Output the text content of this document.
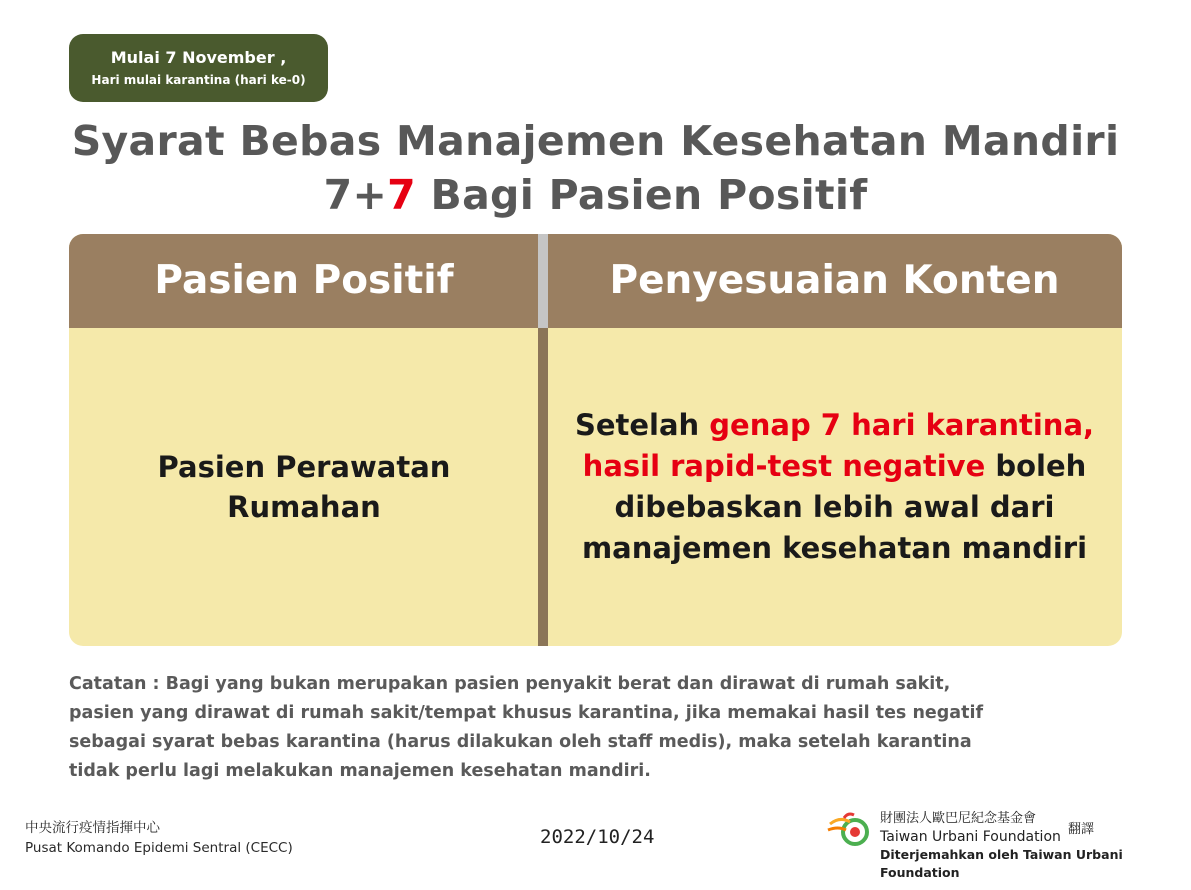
Mulai 7 November ,
Hari mulai karantina (hari ke-0)
Syarat Bebas Manajemen Kesehatan Mandiri
7+7 Bagi Pasien Positif
Pasien Positif	Penyesuaian Konten
Pasien Perawatan
Rumahan
Setelah genap 7 hari karantina, hasil rapid-test negative boleh dibebaskan lebih awal dari manajemen kesehatan mandiri
Catatan : Bagi yang bukan merupakan pasien penyakit berat dan dirawat di rumah sakit,
pasien yang dirawat di rumah sakit/tempat khusus karantina, jika memakai hasil tes negatif
sebagai syarat bebas karantina (harus dilakukan oleh staff medis), maka setelah karantina
tidak perlu lagi melakukan manajemen kesehatan mandiri.
中央流行疫情指揮中心
Pusat Komando Epidemi Sentral (CECC)	2022/10/24
財團法人歐巴尼紀念基金會
Taiwan Urbani Foundation
Diterjemahkan oleh Taiwan Urbani Foundation
翻譯
